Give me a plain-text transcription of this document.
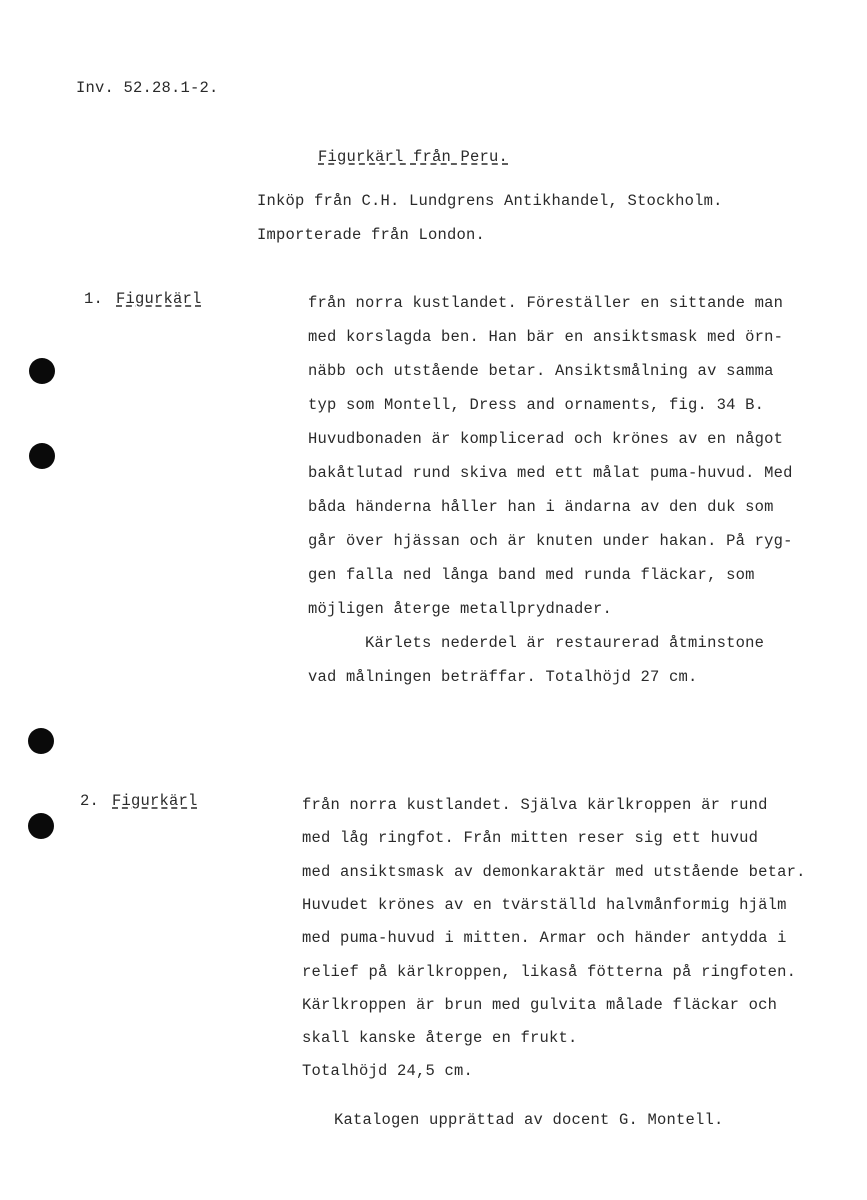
Inv. 52.28.1-2.
Figurkärl från Peru.
Inköp från C.H. Lundgrens Antikhandel, Stockholm.
Importerade från London.
1. Figurkärl	från norra kustlandet. Föreställer en sittande man
med korslagda ben. Han bär en ansiktsmask med örn-
näbb och utstående betar. Ansiktsmålning av samma
typ som Montell, Dress and ornaments, fig. 34 B.
Huvudbonaden är komplicerad och krönes av en något
bakåtlutad rund skiva med ett målat puma-huvud. Med
båda händerna håller han i ändarna av den duk som
går över hjässan och är knuten under hakan. På ryg-
gen falla ned långa band med runda fläckar, som
möjligen återge metallprydnader.
Kärlets nederdel är restaurerad åtminstone
vad målningen beträffar. Totalhöjd 27 cm.
2. Figurkärl	från norra kustlandet. Själva kärlkroppen är rund
med låg ringfot. Från mitten reser sig ett huvud
med ansiktsmask av demonkaraktär med utstående betar.
Huvudet krönes av en tvärställd halvmånformig hjälm
med puma-huvud i mitten. Armar och händer antydda i
relief på kärlkroppen, likaså fötterna på ringfoten.
Kärlkroppen är brun med gulvita målade fläckar och
skall kanske återge en frukt.
Totalhöjd 24,5 cm.
Katalogen upprättad av docent G. Montell.
